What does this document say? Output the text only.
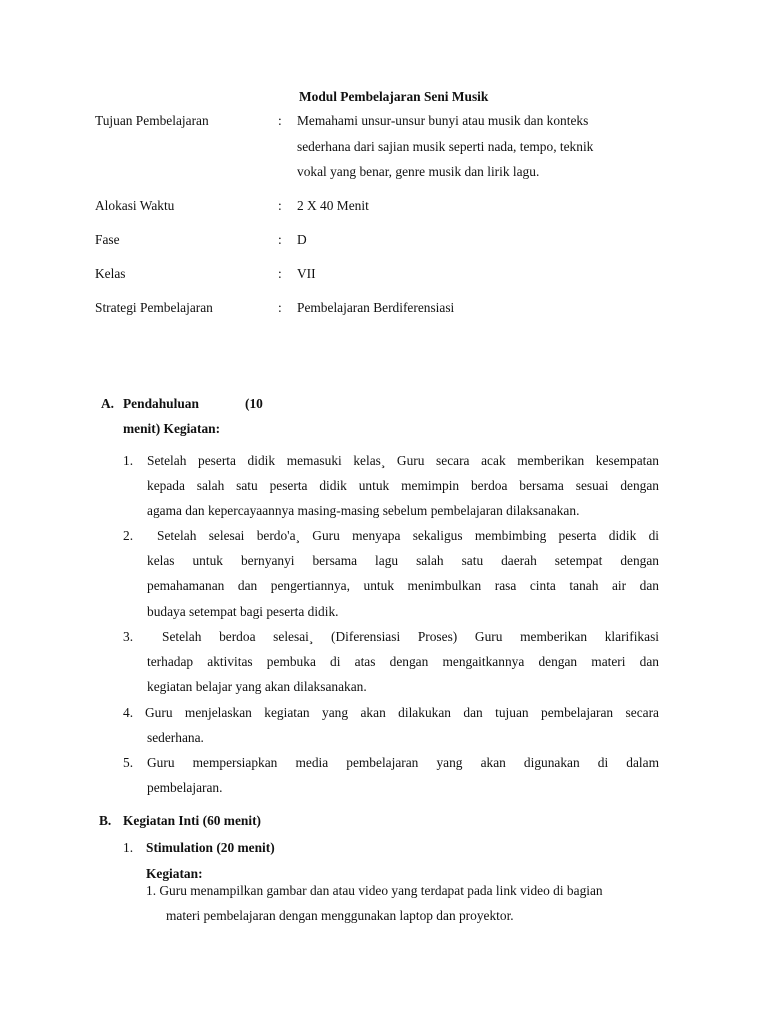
Modul Pembelajaran Seni Musik
Tujuan Pembelajaran	: Memahami unsur-unsur bunyi atau musik dan konteks
sederhana dari sajian musik seperti nada, tempo, teknik
vokal yang benar, genre musik dan lirik lagu.
Alokasi Waktu	: 2 X 40 Menit
Fase	: D
Kelas	: VII
Strategi Pembelajaran	: Pembelajaran Berdiferensiasi
A. Pendahuluan	(10
menit) Kegiatan:
1. Setelah peserta didik memasuki kelas¸ Guru secara acak memberikan kesempatan
kepada salah satu peserta didik untuk memimpin berdoa bersama sesuai dengan
agama dan kepercayaannya masing-masing sebelum pembelajaran dilaksanakan.
2. Setelah selesai berdo'a¸ Guru menyapa sekaligus membimbing peserta didik di
kelas untuk bernyanyi bersama lagu salah satu daerah setempat dengan
pemahamanan dan pengertiannya, untuk menimbulkan rasa cinta tanah air dan
budaya setempat bagi peserta didik.
3. Setelah berdoa selesai¸ (Diferensiasi Proses) Guru memberikan klarifikasi
terhadap aktivitas pembuka di atas dengan mengaitkannya dengan materi dan
kegiatan belajar yang akan dilaksanakan.
4. Guru menjelaskan kegiatan yang akan dilakukan dan tujuan pembelajaran secara
sederhana.
5. Guru mempersiapkan media pembelajaran yang akan digunakan di dalam
pembelajaran.
B. Kegiatan Inti (60 menit)
1. Stimulation (20 menit)
Kegiatan:
1. Guru menampilkan gambar dan atau video yang terdapat pada link video di bagian
materi pembelajaran dengan menggunakan laptop dan proyektor.
